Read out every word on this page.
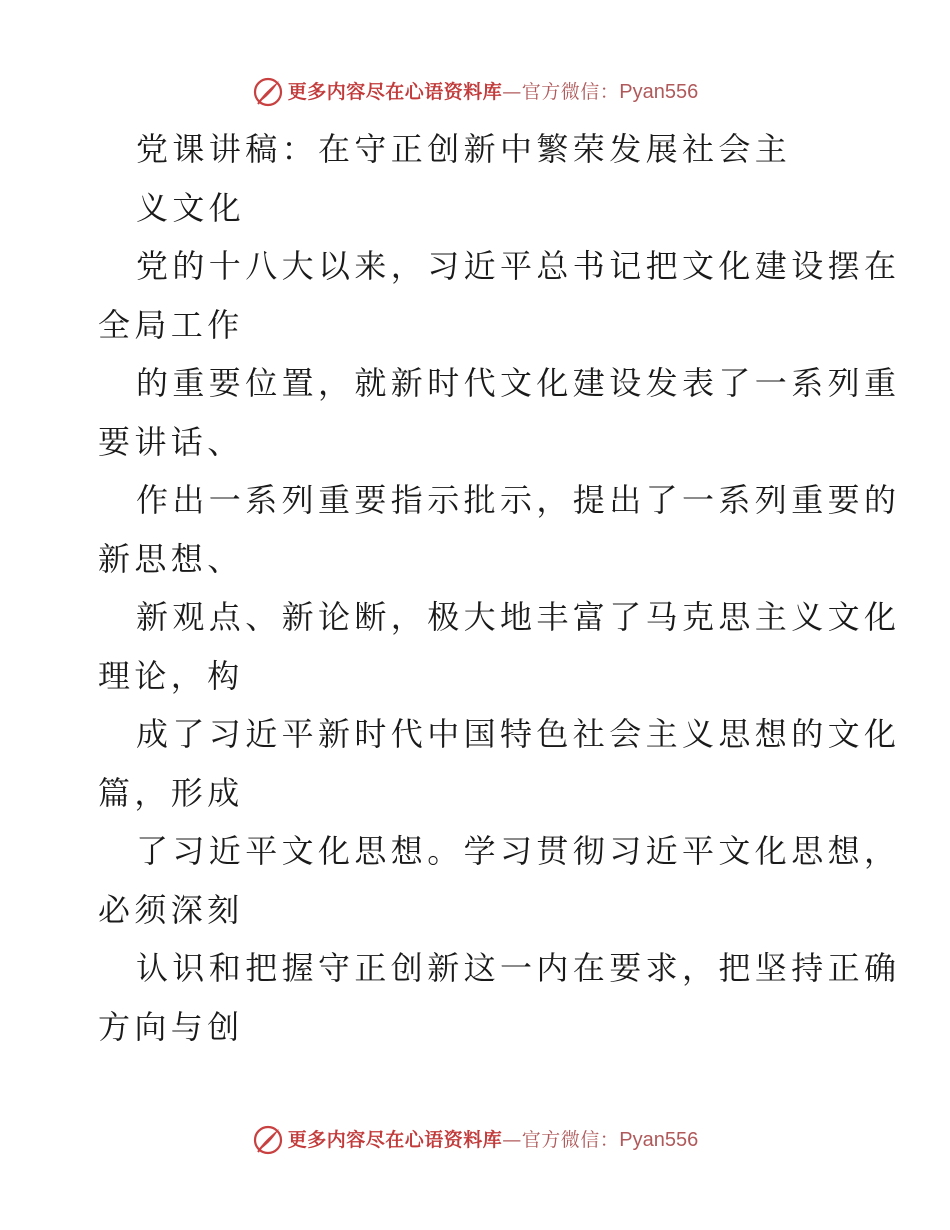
更多内容尽在心语资料库 — 官方微信： Pyan556
党课讲稿：在守正创新中繁荣发展社会主
义文化
党的十八大以来，习近平总书记把文化建设摆在
全局工作
的重要位置，就新时代文化建设发表了一系列重
要讲话、
作出一系列重要指示批示，提出了一系列重要的
新思想、
新观点、新论断，极大地丰富了马克思主义文化
理论，构
成了习近平新时代中国特色社会主义思想的文化
篇，形成
了习近平文化思想。学习贯彻习近平文化思想，
必须深刻
认识和把握守正创新这一内在要求，把坚持正确
方向与创
更多内容尽在心语资料库 — 官方微信： Pyan556
